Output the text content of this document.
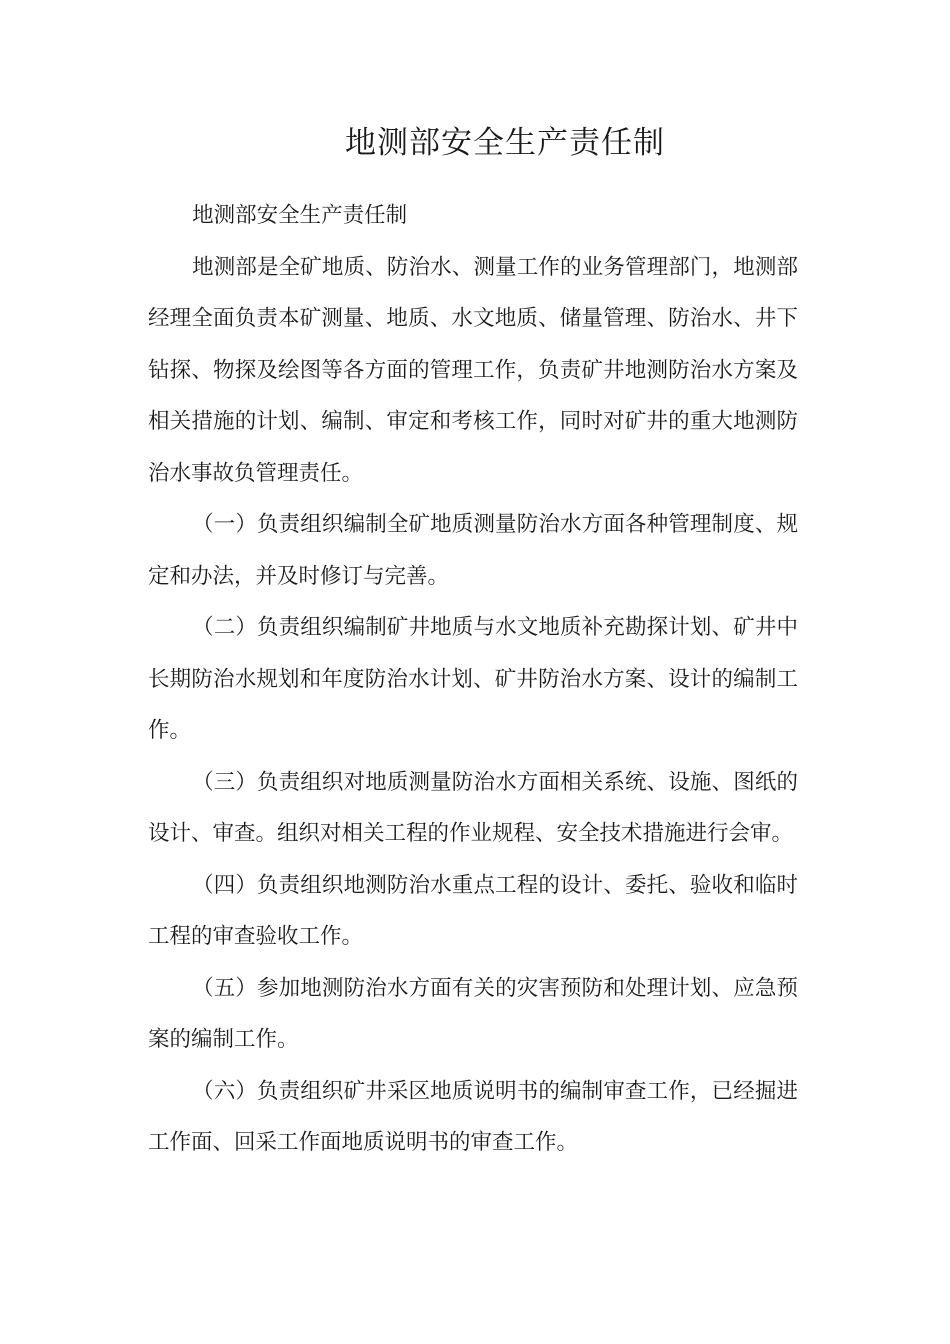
地测部安全生产责任制

地测部安全生产责任制

地测部是全矿地质、防治水、测量工作的业务管理部门，地测部经理全面负责本矿测量、地质、水文地质、储量管理、防治水、井下钻探、物探及绘图等各方面的管理工作，负责矿井地测防治水方案及相关措施的计划、编制、审定和考核工作，同时对矿井的重大地测防治水事故负管理责任。

（一）负责组织编制全矿地质测量防治水方面各种管理制度、规定和办法，并及时修订与完善。

（二）负责组织编制矿井地质与水文地质补充勘探计划、矿井中长期防治水规划和年度防治水计划、矿井防治水方案、设计的编制工作。

（三）负责组织对地质测量防治水方面相关系统、设施、图纸的设计、审查。组织对相关工程的作业规程、安全技术措施进行会审。

（四）负责组织地测防治水重点工程的设计、委托、验收和临时工程的审查验收工作。

（五）参加地测防治水方面有关的灾害预防和处理计划、应急预案的编制工作。

（六）负责组织矿井采区地质说明书的编制审查工作，已经掘进工作面、回采工作面地质说明书的审查工作。
